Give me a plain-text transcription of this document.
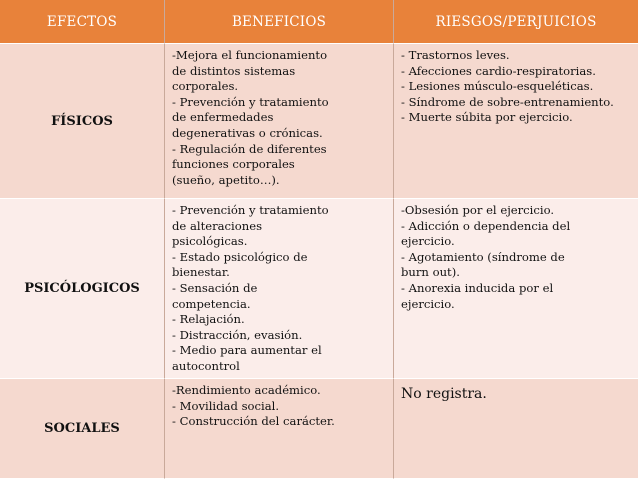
EFECTOS	BENEFICIOS	RIESGOS/PERJUICIOS
FÍSICOS
-Mejora el funcionamiento
de distintos sistemas
corporales.
- Prevención y tratamiento
de enfermedades
degenerativas o crónicas.
- Regulación de diferentes
funciones corporales
(sueño, apetito…).
- Trastornos leves.
- Afecciones cardio-respiratorias.
- Lesiones músculo-esqueléticas.
- Síndrome de sobre-entrenamiento.
- Muerte súbita por ejercicio.
PSICÓLOGICOS
- Prevención y tratamiento
de alteraciones
psicológicas.
- Estado psicológico de
bienestar.
- Sensación de
competencia.
- Relajación.
- Distracción, evasión.
- Medio para aumentar el
autocontrol
-Obsesión por el ejercicio.
- Adicción o dependencia del
ejercicio.
- Agotamiento (síndrome de
burn out).
- Anorexia inducida por el
ejercicio.
SOCIALES
-Rendimiento académico.
- Movilidad social.
- Construcción del carácter.
No registra.
